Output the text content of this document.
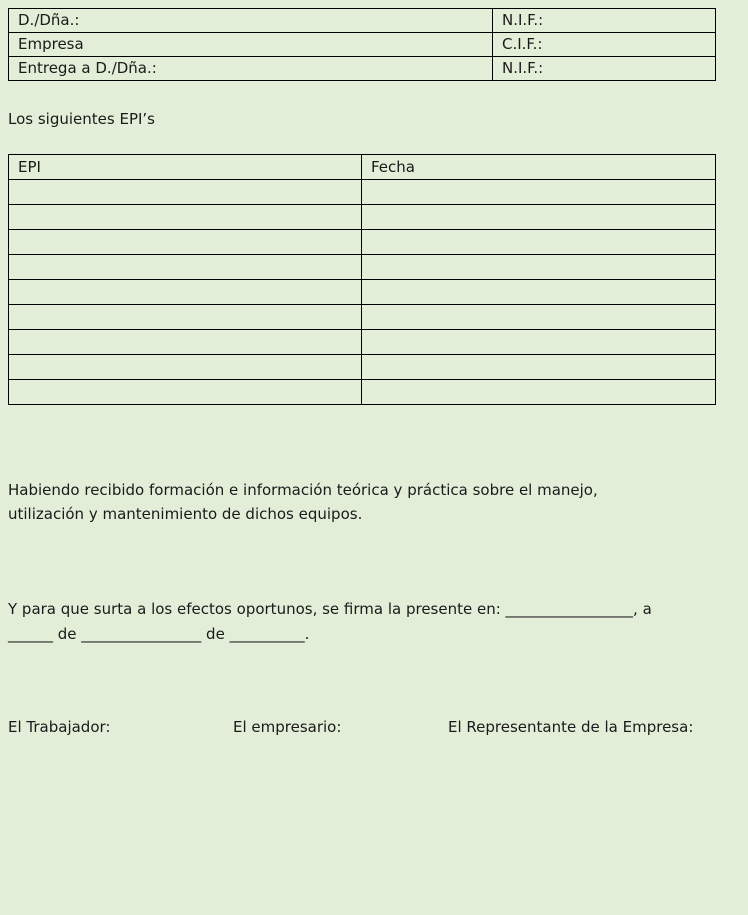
D./Dña.:	N.I.F.:
Empresa	C.I.F.:
Entrega a D./Dña.:	N.I.F.:
Los siguientes EPI’s
EPI	Fecha

Habiendo recibido formación e información teórica y práctica sobre el manejo,
utilización y mantenimiento de dichos equipos.
Y para que surta a los efectos oportunos, se firma la presente en: _________________, a
______ de ________________ de __________.
El Trabajador:	El empresario:	El Representante de la Empresa:
